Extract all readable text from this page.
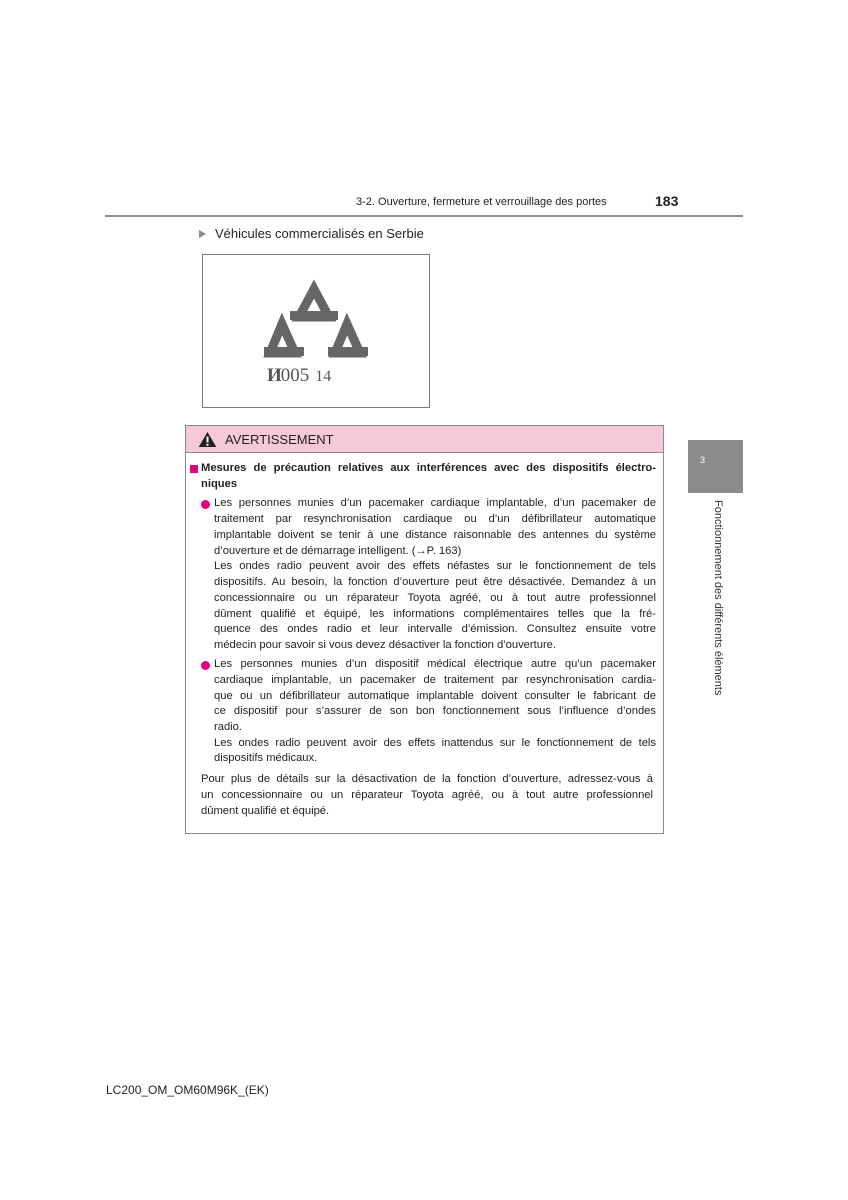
3-2. Ouverture, fermeture et verrouillage des portes	183
Véhicules commercialisés en Serbie
И005 14
AVERTISSEMENT
Mesures de précaution relatives aux interférences avec des dispositifs électro-
niques
Les personnes munies d’un pacemaker cardiaque implantable, d’un pacemaker de
traitement par resynchronisation cardiaque ou d’un défibrillateur automatique
implantable doivent se tenir à une distance raisonnable des antennes du système
d’ouverture et de démarrage intelligent. (→P. 163)
Les ondes radio peuvent avoir des effets néfastes sur le fonctionnement de tels
dispositifs. Au besoin, la fonction d’ouverture peut être désactivée. Demandez à un
concessionnaire ou un réparateur Toyota agréé, ou à tout autre professionnel
dûment qualifié et équipé, les informations complémentaires telles que la fré-
quence des ondes radio et leur intervalle d’émission. Consultez ensuite votre
médecin pour savoir si vous devez désactiver la fonction d’ouverture.
Les personnes munies d’un dispositif médical électrique autre qu’un pacemaker
cardiaque implantable, un pacemaker de traitement par resynchronisation cardia-
que ou un défibrillateur automatique implantable doivent consulter le fabricant de
ce dispositif pour s’assurer de son bon fonctionnement sous l’influence d’ondes
radio.
Les ondes radio peuvent avoir des effets inattendus sur le fonctionnement de tels
dispositifs médicaux.
Pour plus de détails sur la désactivation de la fonction d’ouverture, adressez-vous à
un concessionnaire ou un réparateur Toyota agréé, ou à tout autre professionnel
dûment qualifié et équipé.
3
Fonctionnement des différents éléments
LC200_OM_OM60M96K_(EK)
